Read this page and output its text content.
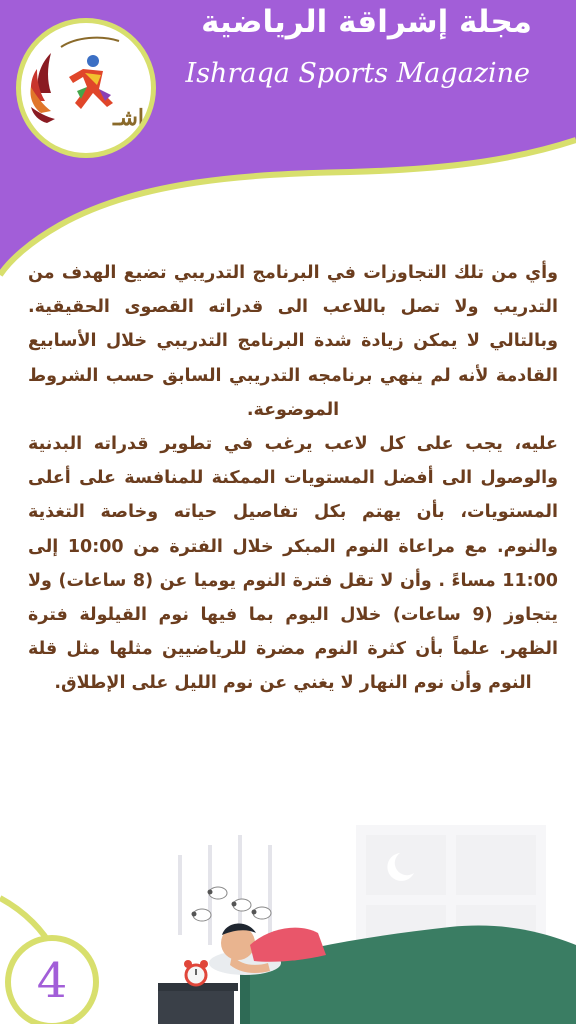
مجلة إشراقة الرياضية
Ishraqa Sports Magazine
إشـ

وأي من تلك التجاوزات في البرنامج التدريبي تضيع الهدف من التدريب ولا تصل باللاعب الى قدراته القصوى الحقيقية. وبالتالي لا يمكن زيادة شدة البرنامج التدريبي خلال الأسابيع القادمة لأنه لم ينهي برنامجه التدريبي السابق حسب الشروط الموضوعة.

عليه، يجب على كل لاعب يرغب في تطوير قدراته البدنية والوصول الى أفضل المستويات الممكنة للمنافسة على أعلى المستويات، بأن يهتم بكل تفاصيل حياته وخاصة التغذية والنوم. مع مراعاة النوم المبكر خلال الفترة من 10:00 إلى 11:00 مساءً . وأن لا تقل فترة النوم يوميا عن (8 ساعات) ولا يتجاوز (9 ساعات) خلال اليوم بما فيها نوم القيلولة فترة الظهر. علماً بأن كثرة النوم مضرة للرياضيين مثلها مثل قلة النوم وأن نوم النهار لا يغني عن نوم الليل على الإطلاق.

4
